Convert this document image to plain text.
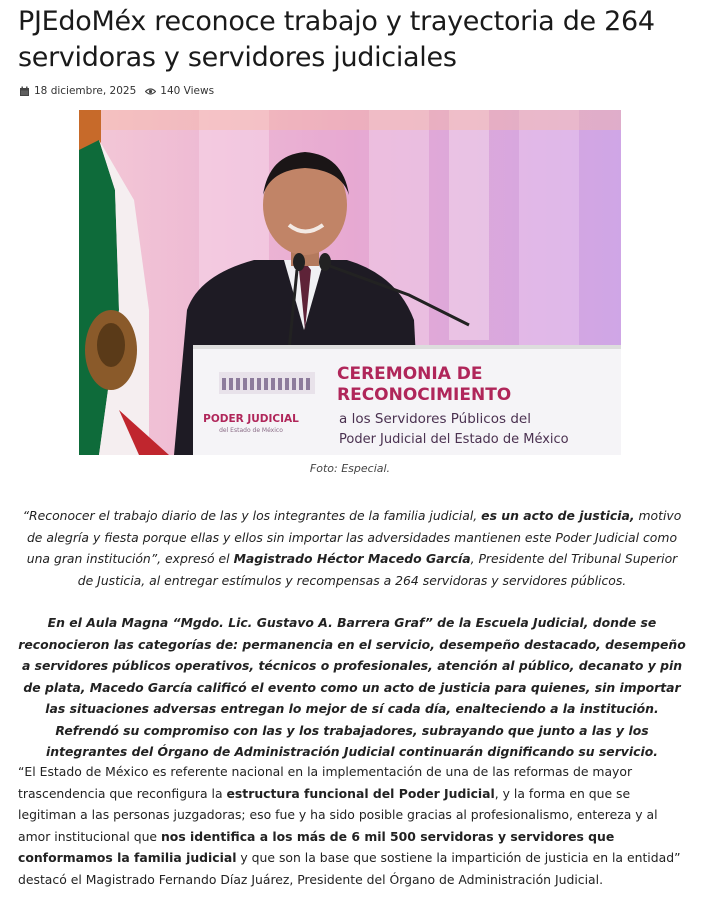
PJEdoMéx reconoce trabajo y trayectoria de 264 servidoras y servidores judiciales
18 diciembre, 2025 140 Views
PODER JUDICIAL
del Estado de México
CEREMONIA DE
RECONOCIMIENTO
a los Servidores Públicos del
Poder Judicial del Estado de México
Foto: Especial.

“Reconocer el trabajo diario de las y los integrantes de la familia judicial, es un acto de justicia, motivo de alegría y fiesta porque ellas y ellos sin importar las adversidades mantienen este Poder Judicial como una gran institución”, expresó el Magistrado Héctor Macedo García, Presidente del Tribunal Superior de Justicia, al entregar estímulos y recompensas a 264 servidoras y servidores públicos.

En el Aula Magna “Mgdo. Lic. Gustavo A. Barrera Graf” de la Escuela Judicial, donde se reconocieron las categorías de: permanencia en el servicio, desempeño destacado, desempeño a servidores públicos operativos, técnicos o profesionales, atención al público, decanato y pin de plata, Macedo García calificó el evento como un acto de justicia para quienes, sin importar las situaciones adversas entregan lo mejor de sí cada día, enalteciendo a la institución. Refrendó su compromiso con las y los trabajadores, subrayando que junto a las y los integrantes del Órgano de Administración Judicial continuarán dignificando su servicio.

“El Estado de México es referente nacional en la implementación de una de las reformas de mayor trascendencia que reconfigura la estructura funcional del Poder Judicial, y la forma en que se legitiman a las personas juzgadoras; eso fue y ha sido posible gracias al profesionalismo, entereza y al amor institucional que nos identifica a los más de 6 mil 500 servidoras y servidores que conformamos la familia judicial y que son la base que sostiene la impartición de justicia en la entidad” destacó el Magistrado Fernando Díaz Juárez, Presidente del Órgano de Administración Judicial.
